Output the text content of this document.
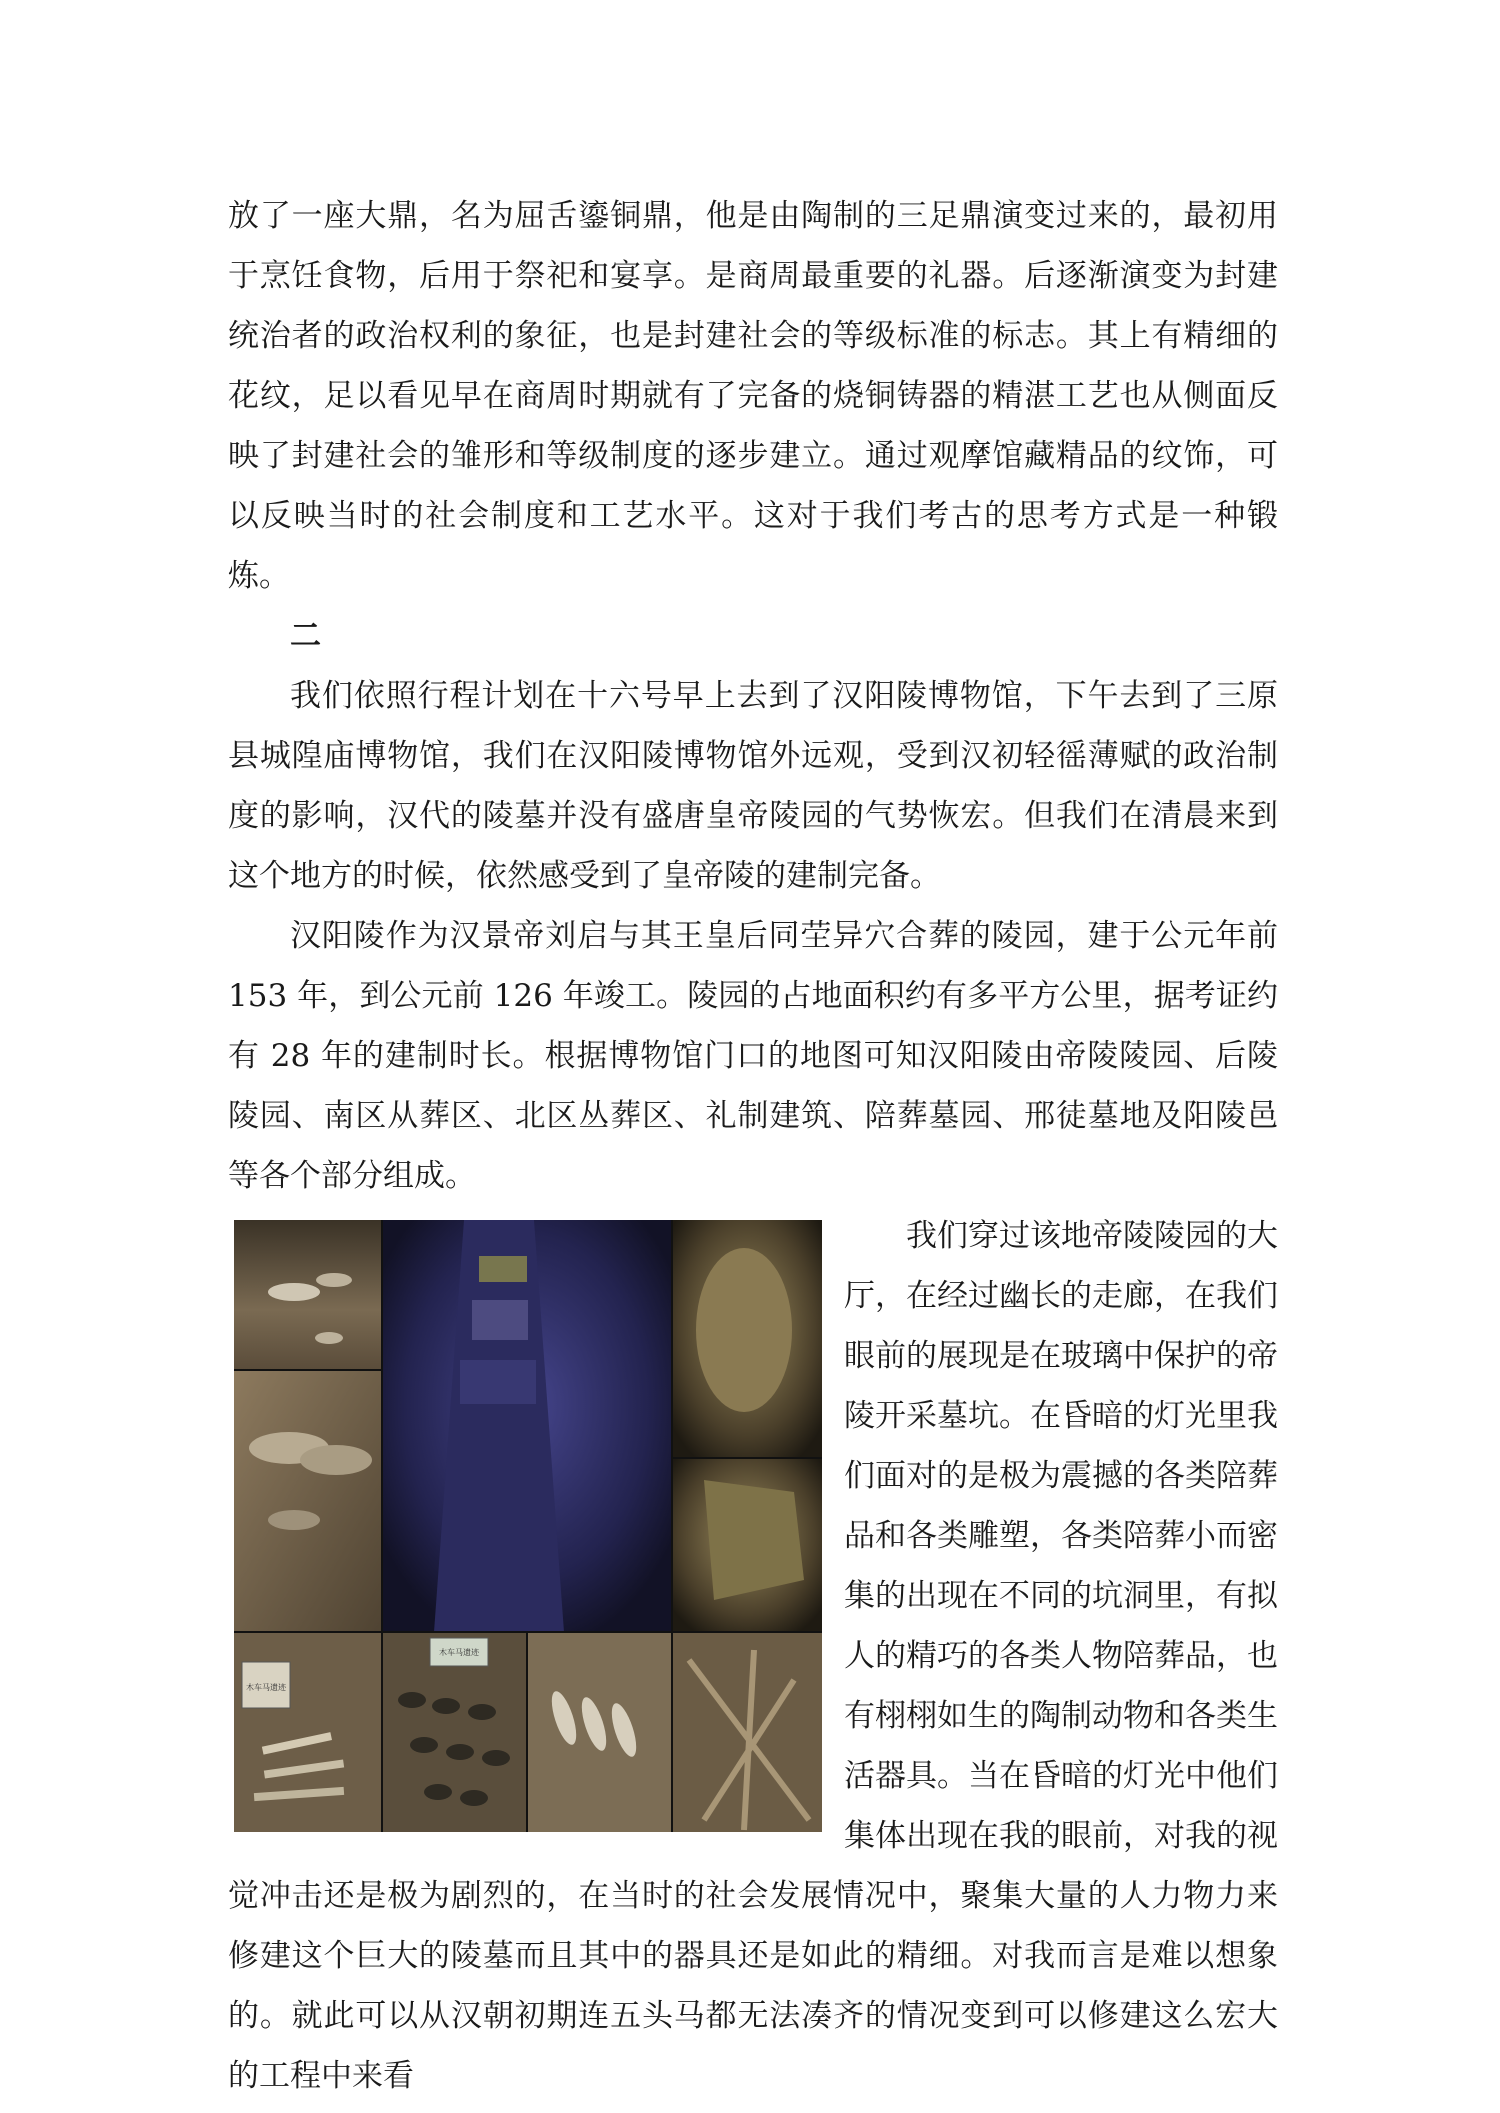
放了一座大鼎，名为屈舌鎏铜鼎，他是由陶制的三足鼎演变过来的，最初用于烹饪食物，后用于祭祀和宴享。是商周最重要的礼器。后逐渐演变为封建统治者的政治权利的象征，也是封建社会的等级标准的标志。其上有精细的花纹，足以看见早在商周时期就有了完备的烧铜铸器的精湛工艺也从侧面反映了封建社会的雏形和等级制度的逐步建立。通过观摩馆藏精品的纹饰，可以反映当时的社会制度和工艺水平。这对于我们考古的思考方式是一种锻炼。

二

我们依照行程计划在十六号早上去到了汉阳陵博物馆，下午去到了三原县城隍庙博物馆，我们在汉阳陵博物馆外远观，受到汉初轻徭薄赋的政治制度的影响，汉代的陵墓并没有盛唐皇帝陵园的气势恢宏。但我们在清晨来到这个地方的时候，依然感受到了皇帝陵的建制完备。

汉阳陵作为汉景帝刘启与其王皇后同茔异穴合葬的陵园，建于公元年前 153 年，到公元前 126 年竣工。陵园的占地面积约有多平方公里，据考证约有 28 年的建制时长。根据博物馆门口的地图可知汉阳陵由帝陵陵园、后陵陵园、南区从葬区、北区丛葬区、礼制建筑、陪葬墓园、邢徒墓地及阳陵邑等各个部分组成。

木车马遗迹
木车马遗迹

我们穿过该地帝陵陵园的大厅，在经过幽长的走廊，在我们眼前的展现是在玻璃中保护的帝陵开采墓坑。在昏暗的灯光里我们面对的是极为震撼的各类陪葬品和各类雕塑，各类陪葬小而密集的出现在不同的坑洞里，有拟人的精巧的各类人物陪葬品，也有栩栩如生的陶制动物和各类生活器具。当在昏暗的灯光中他们集体出现在我的眼前，对我的视觉冲击还是极为剧烈的，在当时的社会发展情况中，聚集大量的人力物力来修建这个巨大的陵墓而且其中的器具还是如此的精细。对我而言是难以想象的。就此可以从汉朝初期连五头马都无法凑齐的情况变到可以修建这么宏大的工程中来看
